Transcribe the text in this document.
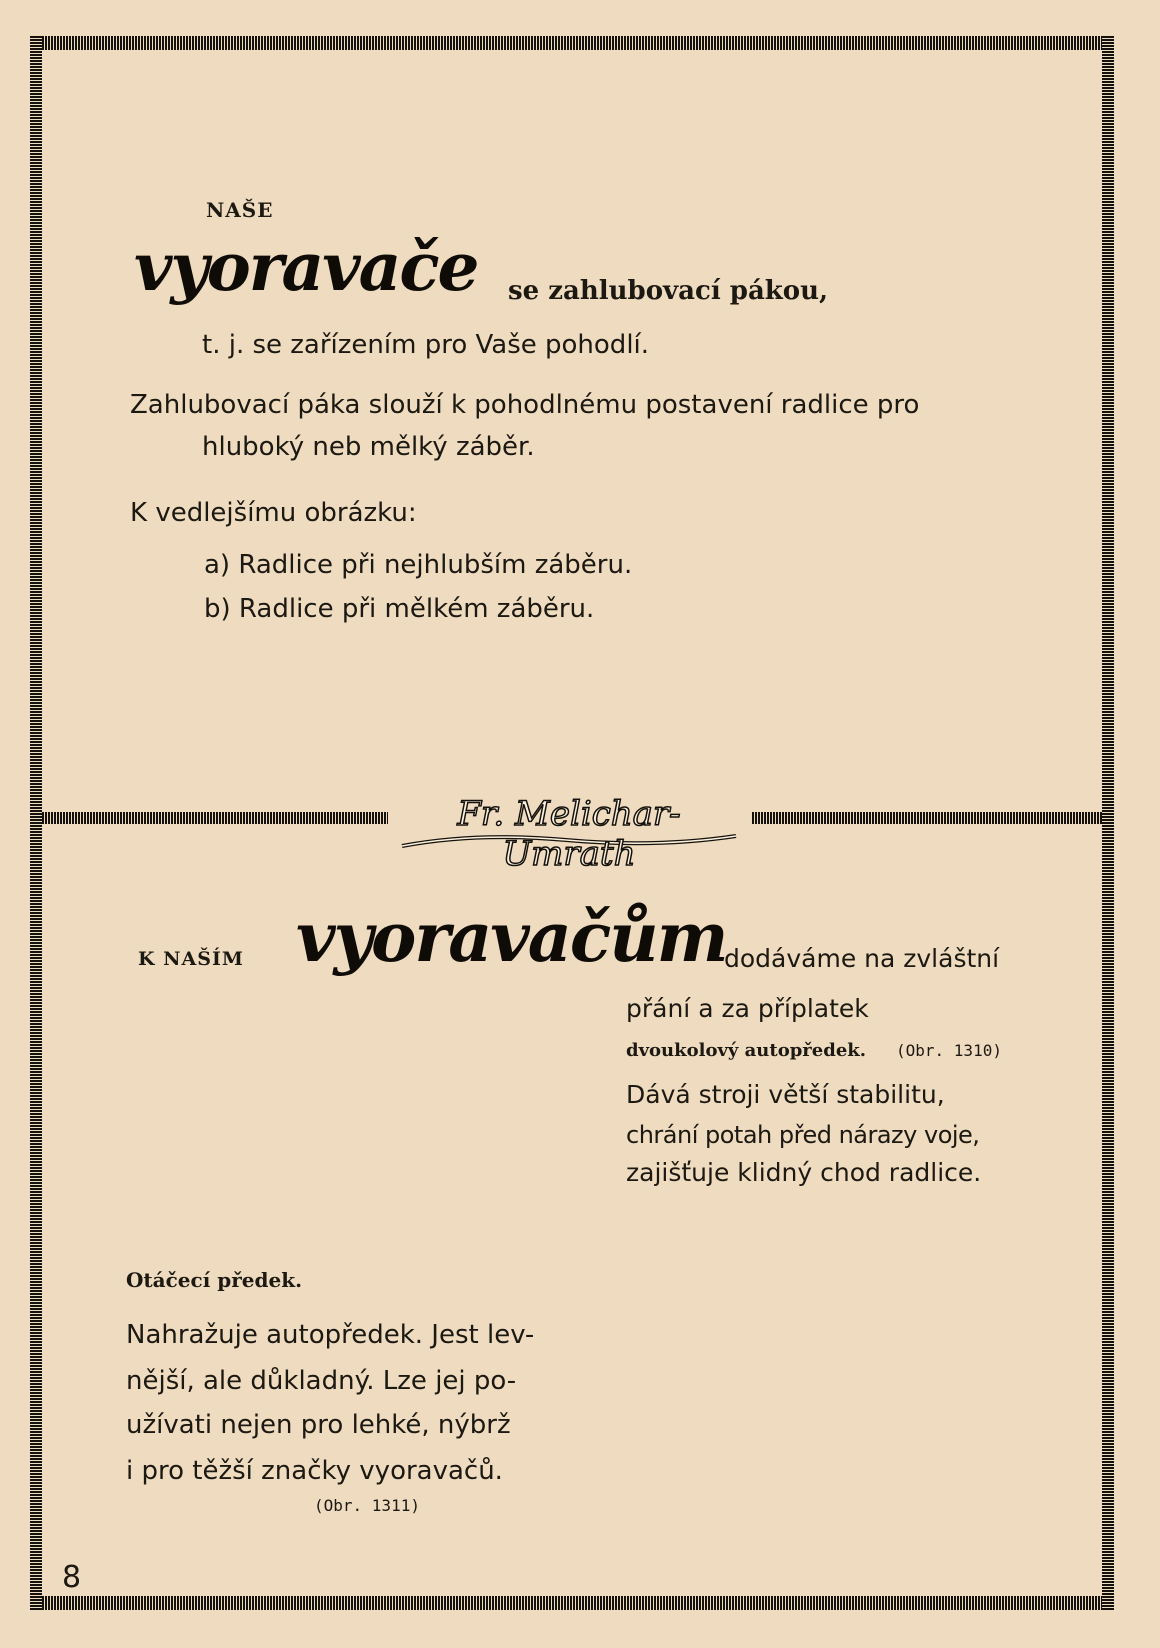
NAŠE
vyoravače se zahlubovací pákou,
t. j. se zařízením pro Vaše pohodlí.
Zahlubovací páka slouží k pohodlnému postavení radlice pro
hluboký neb mělký záběr.
K vedlejšímu obrázku:
a) Radlice při nejhlubším záběru.
b) Radlice při mělkém záběru.
Fr. Melichar-Umrath
K NAŠÍM vyoravačům
dodáváme na zvláštní
přání a za příplatek
dvoukolový autopředek. (Obr. 1310)
Dává stroji větší stabilitu,
chrání potah před nárazy voje,
zajišťuje klidný chod radlice.
Otáčecí předek.
Nahražuje autopředek. Jest lev-
nější, ale důkladný. Lze jej po-
užívati nejen pro lehké, nýbrž
i pro těžší značky vyoravačů.
(Obr. 1311)
8
